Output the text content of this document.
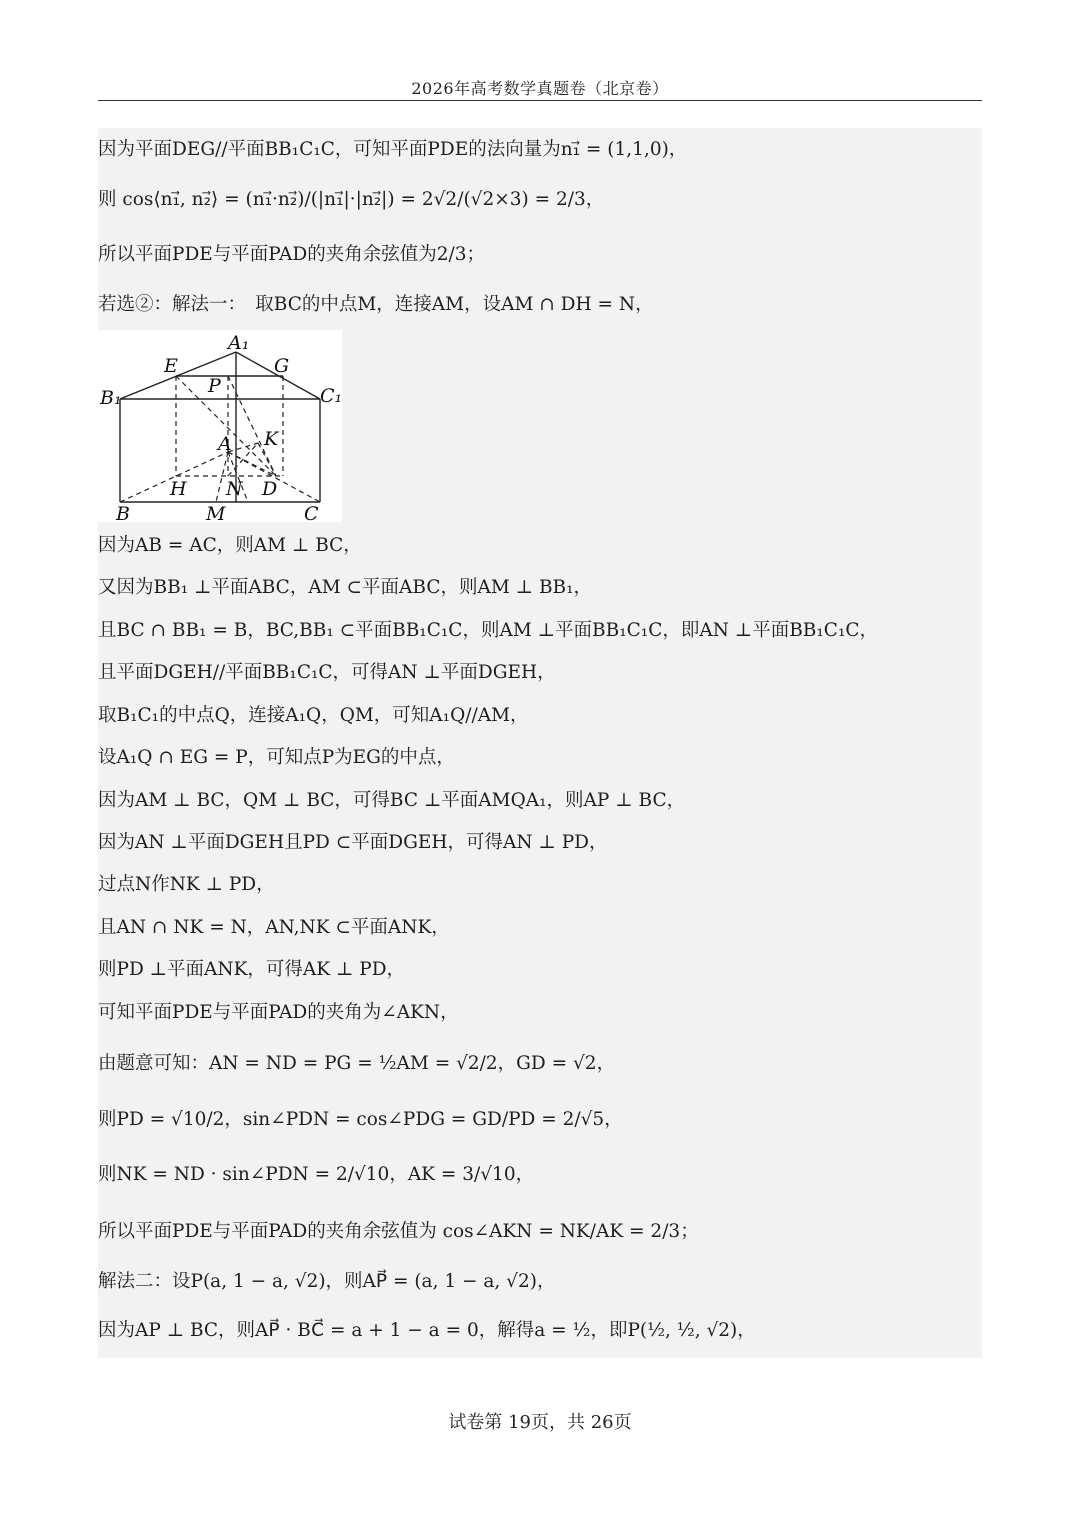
2026年高考数学真题卷（北京卷）
因为平面DEG//平面BB₁C₁C，可知平面PDE的法向量为n₁⃗ = (1,1,0)，
则 cos⟨n₁⃗, n₂⃗⟩ = (n₁⃗·n₂⃗)/(|n₁⃗|·|n₂⃗|) = 2√2/(√2×3) = 2/3，
所以平面PDE与平面PAD的夹角余弦值为2/3；
若选②：解法一：　取BC的中点M，连接AM，设AM ∩ DH = N，
A₁
E	G
P
B₁	C₁
A K
H N D
B	M	C
因为AB = AC，则AM ⊥ BC，
又因为BB₁ ⊥平面ABC，AM ⊂平面ABC，则AM ⊥ BB₁，
且BC ∩ BB₁ = B，BC,BB₁ ⊂平面BB₁C₁C，则AM ⊥平面BB₁C₁C，即AN ⊥平面BB₁C₁C，
且平面DGEH//平面BB₁C₁C，可得AN ⊥平面DGEH，
取B₁C₁的中点Q，连接A₁Q，QM，可知A₁Q//AM，
设A₁Q ∩ EG = P，可知点P为EG的中点，
因为AM ⊥ BC，QM ⊥ BC，可得BC ⊥平面AMQA₁，则AP ⊥ BC，
因为AN ⊥平面DGEH且PD ⊂平面DGEH，可得AN ⊥ PD，
过点N作NK ⊥ PD，
且AN ∩ NK = N，AN,NK ⊂平面ANK，
则PD ⊥平面ANK，可得AK ⊥ PD，
可知平面PDE与平面PAD的夹角为∠AKN，
由题意可知：AN = ND = PG = ½AM = √2/2，GD = √2，
则PD = √10/2，sin∠PDN = cos∠PDG = GD/PD = 2/√5，
则NK = ND · sin∠PDN = 2/√10，AK = 3/√10，
所以平面PDE与平面PAD的夹角余弦值为 cos∠AKN = NK/AK = 2/3；
解法二：设P(a, 1 − a, √2)，则AP⃗ = (a, 1 − a, √2)，
因为AP ⊥ BC，则AP⃗ · BC⃗ = a + 1 − a = 0，解得a = ½，即P(½, ½, √2)，
试卷第 19页，共 26页
